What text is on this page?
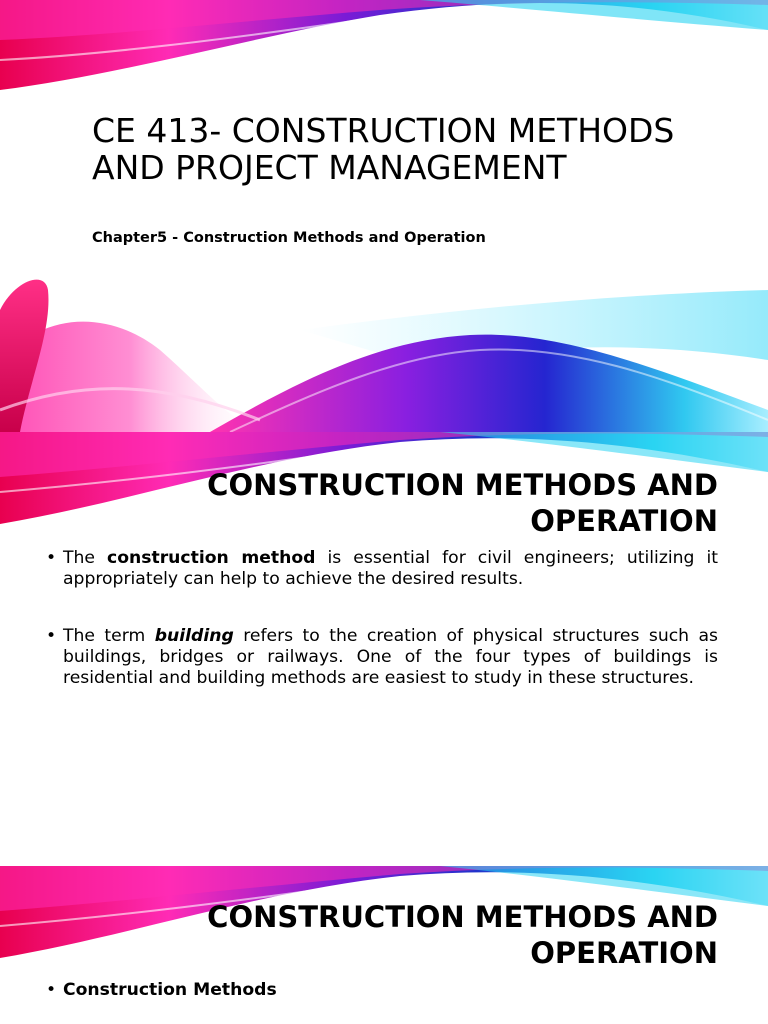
CE 413- CONSTRUCTION METHODS AND PROJECT MANAGEMENT

Chapter5 - Construction Methods and Operation

CONSTRUCTION METHODS AND OPERATION
• The construction method is essential for civil engineers; utilizing it appropriately can help to achieve the desired results.
• The term building refers to the creation of physical structures such as buildings, bridges or railways. One of the four types of buildings is residential and building methods are easiest to study in these structures.
CONSTRUCTION METHODS AND OPERATION
• Construction Methods
